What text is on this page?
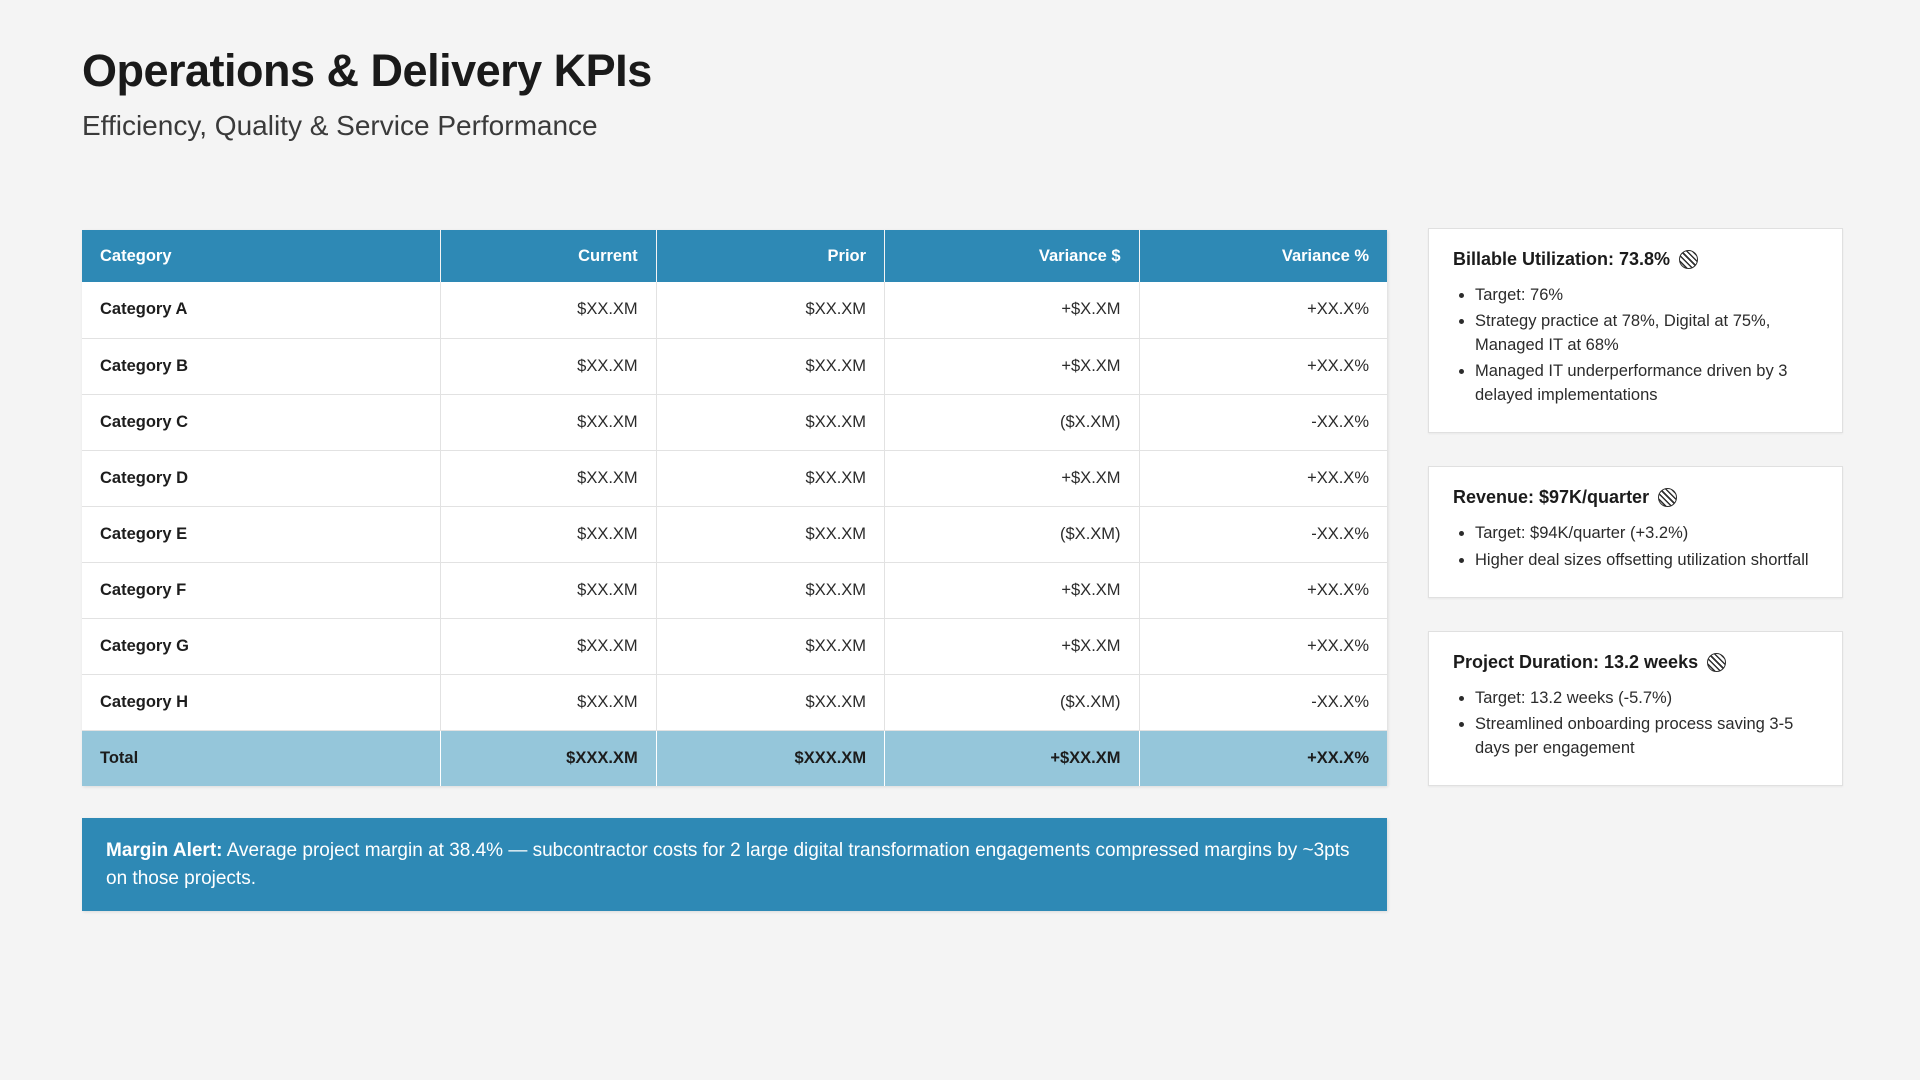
Operations & Delivery KPIs
Efficiency, Quality & Service Performance
Category	Current	Prior	Variance $	Variance %
Category A	$XX.XM	$XX.XM	+$X.XM	+XX.X%
Category B	$XX.XM	$XX.XM	+$X.XM	+XX.X%
Category C	$XX.XM	$XX.XM	($X.XM)	-XX.X%
Category D	$XX.XM	$XX.XM	+$X.XM	+XX.X%
Category E	$XX.XM	$XX.XM	($X.XM)	-XX.X%
Category F	$XX.XM	$XX.XM	+$X.XM	+XX.X%
Category G	$XX.XM	$XX.XM	+$X.XM	+XX.X%
Category H	$XX.XM	$XX.XM	($X.XM)	-XX.X%
Total	$XXX.XM	$XXX.XM	+$XX.XM	+XX.X%
Margin Alert: Average project margin at 38.4% — subcontractor costs for 2 large digital transformation engagements compressed margins by ~3pts on those projects.
Billable Utilization: 73.8%
• Target: 76%
• Strategy practice at 78%, Digital at 75%, Managed IT at 68%
• Managed IT underperformance driven by 3 delayed implementations
Revenue: $97K/quarter
• Target: $94K/quarter (+3.2%)
• Higher deal sizes offsetting utilization shortfall
Project Duration: 13.2 weeks
• Target: 13.2 weeks (-5.7%)
• Streamlined onboarding process saving 3-5 days per engagement
